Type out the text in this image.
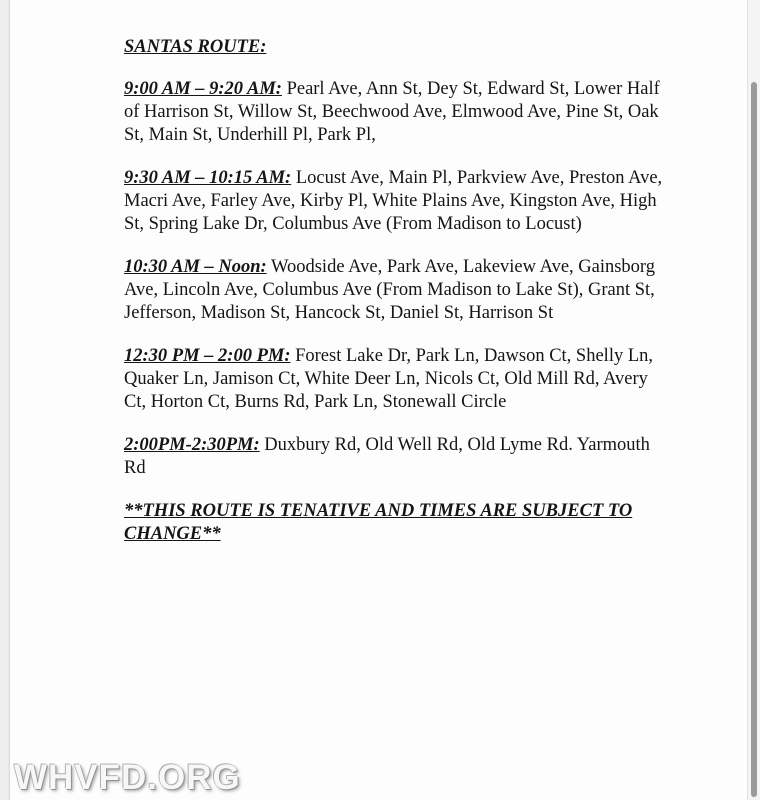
SANTAS ROUTE:

9:00 AM – 9:20 AM: Pearl Ave, Ann St, Dey St, Edward St, Lower Half of Harrison St, Willow St, Beechwood Ave, Elmwood Ave, Pine St, Oak St, Main St, Underhill Pl, Park Pl,

9:30 AM – 10:15 AM: Locust Ave, Main Pl, Parkview Ave, Preston Ave, Macri Ave, Farley Ave, Kirby Pl, White Plains Ave, Kingston Ave, High St, Spring Lake Dr, Columbus Ave (From Madison to Locust)

10:30 AM – Noon: Woodside Ave, Park Ave, Lakeview Ave, Gainsborg Ave, Lincoln Ave, Columbus Ave (From Madison to Lake St), Grant St, Jefferson, Madison St, Hancock St, Daniel St, Harrison St

12:30 PM – 2:00 PM: Forest Lake Dr, Park Ln, Dawson Ct, Shelly Ln, Quaker Ln, Jamison Ct, White Deer Ln, Nicols Ct, Old Mill Rd, Avery Ct, Horton Ct, Burns Rd, Park Ln, Stonewall Circle

2:00PM-2:30PM: Duxbury Rd, Old Well Rd, Old Lyme Rd. Yarmouth Rd

**THIS ROUTE IS TENATIVE AND TIMES ARE SUBJECT TO CHANGE**
WHVFD.ORG
